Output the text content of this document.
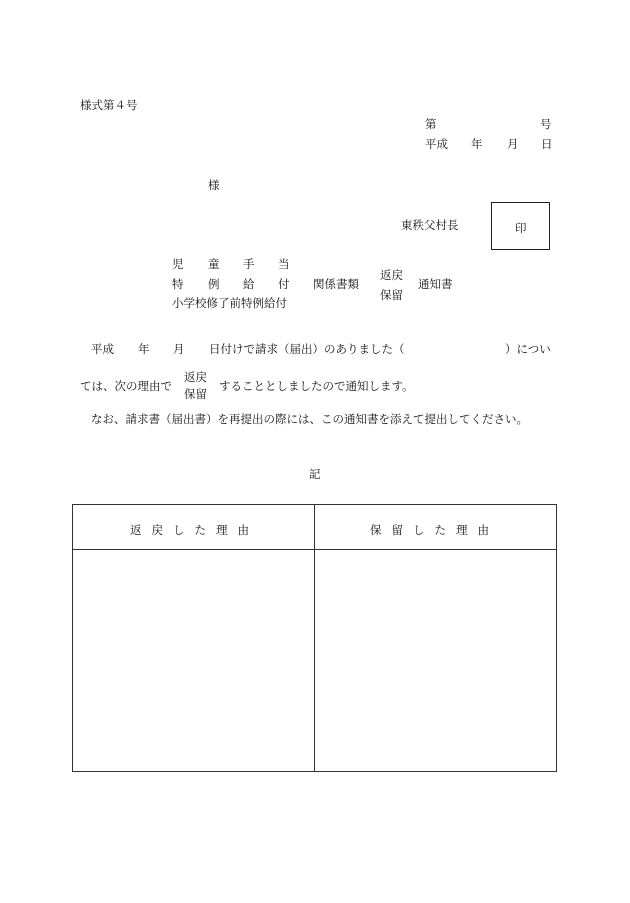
様式第４号
第	号
平成 年 月 日
様
東秩父村長	印
児 童 手 当
特 例 給 付
小学校修了前特例給付
関係書類
返戻
保留
通知書
平成 年 月 日付けで請求（届出）のありました（	）につい
ては、次の理由で
返戻
保留
することとしましたので通知します。
なお、請求書（届出書）を再提出の際には、この通知書を添えて提出してください。
記
返戻した理由	保留した理由
